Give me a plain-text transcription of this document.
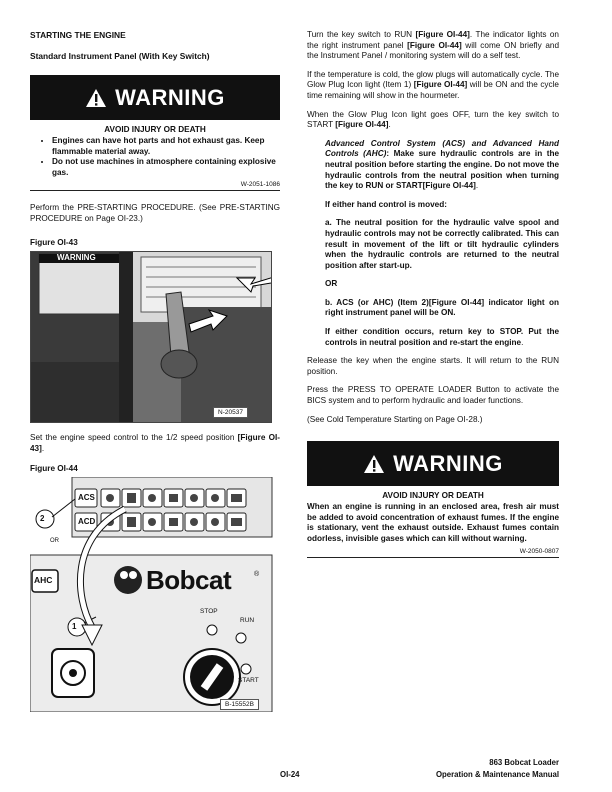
STARTING THE ENGINE

Standard Instrument Panel (With Key Switch)

WARNING
AVOID INJURY OR DEATH
• Engines can have hot parts and hot exhaust gas. Keep flammable material away.
• Do not use machines in atmosphere containing explosive gas.
W-2051-1086

Perform the PRE-STARTING PROCEDURE. (See PRE-STARTING PROCEDURE on Page OI-23.)

Figure OI-43

WARNING
N-20537

Set the engine speed control to the 1/2 speed position [Figure OI-43].

Figure OI-44

ACS
ACD
AHC
2
1
OR
Bobcat	®
STOP
RUN
START
B-15552B

Turn the key switch to RUN [Figure OI-44]. The indicator lights on the right instrument panel [Figure OI-44] will come ON briefly and the Instrument Panel / monitoring system will do a self test.

If the temperature is cold, the glow plugs will automatically cycle. The Glow Plug Icon light (Item 1) [Figure OI-44] will be ON and the cycle time remaining will show in the hourmeter.

When the Glow Plug Icon light goes OFF, turn the key switch to START [Figure OI-44].

Advanced Control System (ACS) and Advanced Hand Controls (AHC): Make sure hydraulic controls are in the neutral position before starting the engine. Do not move the hydraulic controls from the neutral position when turning the key to RUN or START[Figure OI-44].

If either hand control is moved:

a. The neutral position for the hydraulic valve spool and hydraulic controls may not be correctly calibrated. This can result in movement of the lift or tilt hydraulic cylinders when the hydraulic controls are returned to the neutral position after start-up.

OR

b. ACS (or AHC) (Item 2)[Figure OI-44] indicator light on right instrument panel will be ON.

If either condition occurs, return key to STOP. Put the controls in neutral position and re-start the engine.

Release the key when the engine starts. It will return to the RUN position.

Press the PRESS TO OPERATE LOADER Button to activate the BICS system and to perform hydraulic and loader functions.

(See Cold Temperature Starting on Page OI-28.)

WARNING
AVOID INJURY OR DEATH

When an engine is running in an enclosed area, fresh air must be added to avoid concentration of exhaust fumes. If the engine is stationary, vent the exhaust outside. Exhaust fumes contain odorless, invisible gases which can kill without warning.

W-2050-0807
OI-24
863 Bobcat Loader
Operation & Maintenance Manual
